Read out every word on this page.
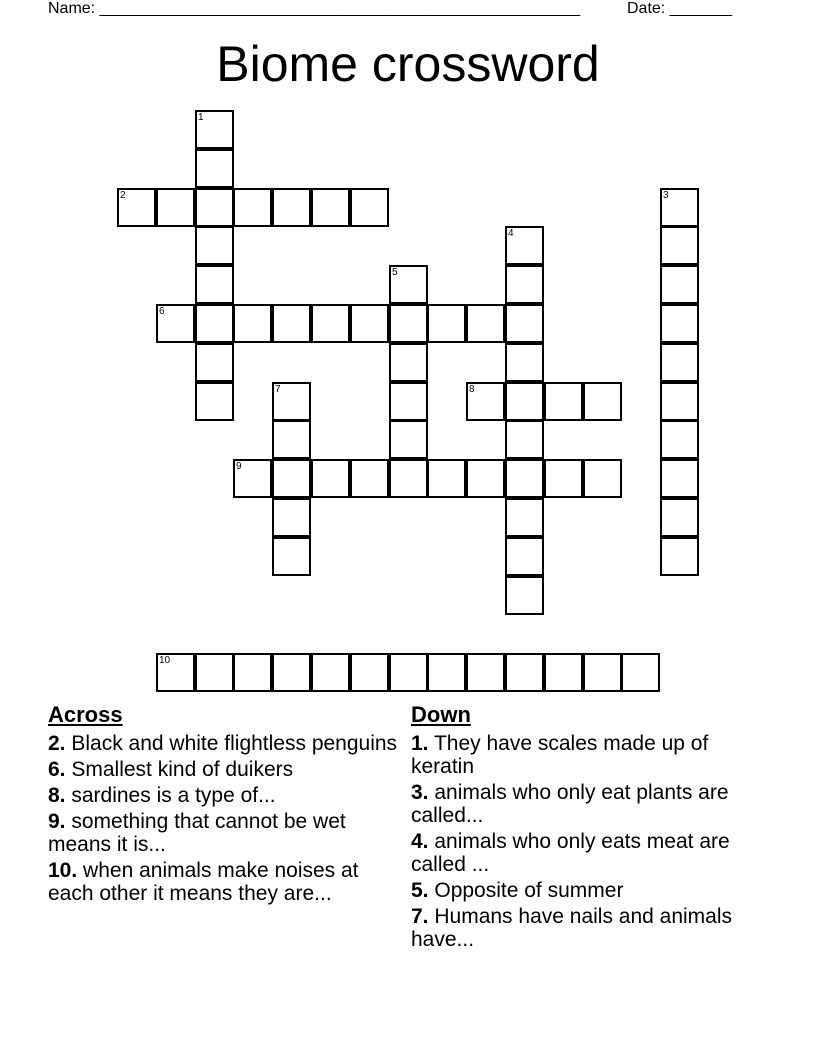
Name: ______________________________________________________	Date: _______
Biome crossword
1
2	3
4
5
6
7	8
9
10
Across
2. Black and white flightless penguins
6. Smallest kind of duikers
8. sardines is a type of...
9. something that cannot be wet means it is...
10. when animals make noises at each other it means they are...
Down
1. They have scales made up of keratin
3. animals who only eat plants are called...
4. animals who only eats meat are called ...
5. Opposite of summer
7. Humans have nails and animals have...
